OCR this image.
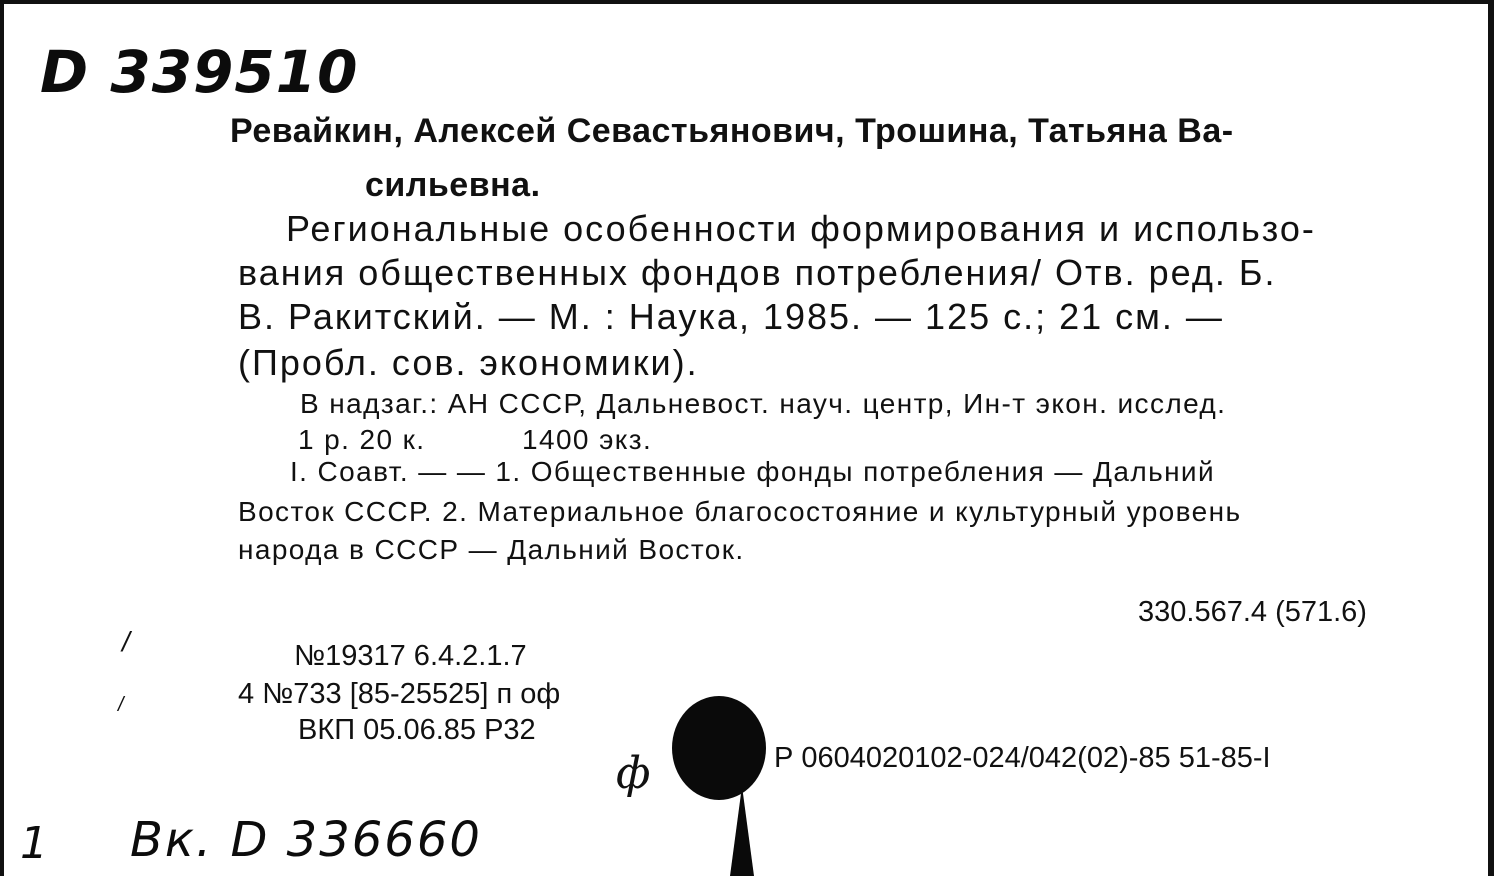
D 339510
Ревайкин, Алексей Севастьянович, Трошина, Татьяна Ва-
сильевна.
Региональные особенности формирования и использо-
вания общественных фондов потребления/ Отв. ред. Б.
В. Ракитский. — М. : Наука, 1985. — 125 с.; 21 см. —
(Пробл. сов. экономики).
В надзаг.: АН СССР, Дальневост. науч. центр, Ин-т экон. исслед.
1 р. 20 к.	1400 экз.
I. Соавт. — — 1. Общественные фонды потребления — Дальний
Восток СССР. 2. Материальное благосостояние и культурный уровень
народа в СССР — Дальний Восток.
330.567.4 (571.6)
/
/
№19317 6.4.2.1.7
4 №733 [85-25525] п оф
ВКП 05.06.85 Р32
ф	Р 0604020102-024/042(02)-85 51-85-I
1 Вк. D 336660
